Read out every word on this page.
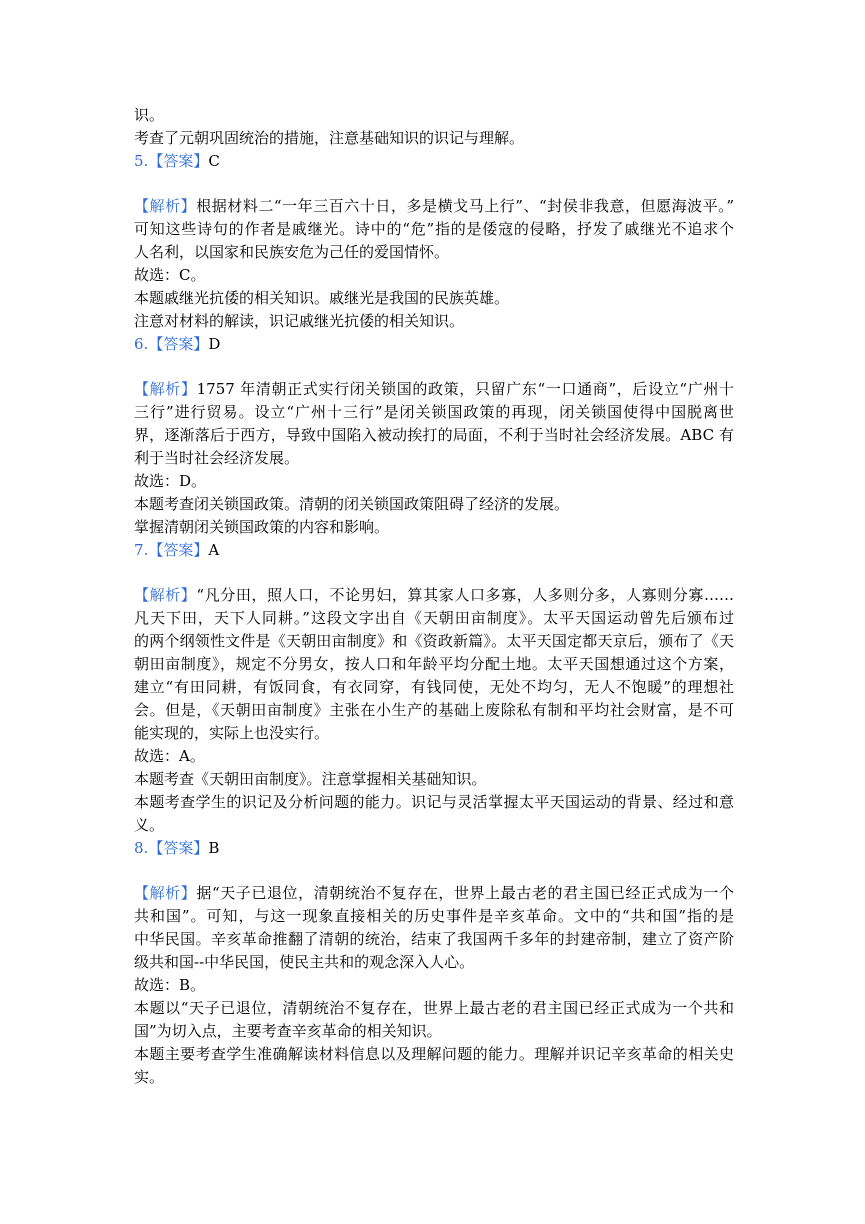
识。
考查了元朝巩固统治的措施，注意基础知识的识记与理解。
5.【答案】C
【解析】根据材料二“一年三百六十日，多是横戈马上行”、“封侯非我意，但愿海波平。”
可知这些诗句的作者是戚继光。诗中的“危”指的是倭寇的侵略，抒发了戚继光不追求个
人名利，以国家和民族安危为己任的爱国情怀。
故选：C。
本题戚继光抗倭的相关知识。戚继光是我国的民族英雄。
注意对材料的解读，识记戚继光抗倭的相关知识。
6.【答案】D
【解析】1757 年清朝正式实行闭关锁国的政策，只留广东“一口通商”，后设立“广州十
三行”进行贸易。设立“广州十三行”是闭关锁国政策的再现，闭关锁国使得中国脱离世
界，逐渐落后于西方，导致中国陷入被动挨打的局面，不利于当时社会经济发展。ABC 有
利于当时社会经济发展。
故选：D。
本题考查闭关锁国政策。清朝的闭关锁国政策阻碍了经济的发展。
掌握清朝闭关锁国政策的内容和影响。
7.【答案】A
【解析】“凡分田，照人口，不论男妇，算其家人口多寡，人多则分多，人寡则分寡……
凡天下田，天下人同耕。”这段文字出自《天朝田亩制度》。太平天国运动曾先后颁布过
的两个纲领性文件是《天朝田亩制度》和《资政新篇》。太平天国定都天京后，颁布了《天
朝田亩制度》，规定不分男女，按人口和年龄平均分配土地。太平天国想通过这个方案，
建立“有田同耕，有饭同食，有衣同穿，有钱同使，无处不均匀，无人不饱暖”的理想社
会。但是，《天朝田亩制度》主张在小生产的基础上废除私有制和平均社会财富，是不可
能实现的，实际上也没实行。
故选：A。
本题考查《天朝田亩制度》。注意掌握相关基础知识。
本题考查学生的识记及分析问题的能力。识记与灵活掌握太平天国运动的背景、经过和意
义。
8.【答案】B
【解析】据“天子已退位，清朝统治不复存在，世界上最古老的君主国已经正式成为一个
共和国”。可知，与这一现象直接相关的历史事件是辛亥革命。文中的“共和国”指的是
中华民国。辛亥革命推翻了清朝的统治，结束了我国两千多年的封建帝制，建立了资产阶
级共和国--中华民国，使民主共和的观念深入人心。
故选：B。
本题以“天子已退位，清朝统治不复存在，世界上最古老的君主国已经正式成为一个共和
国”为切入点，主要考查辛亥革命的相关知识。
本题主要考查学生准确解读材料信息以及理解问题的能力。理解并识记辛亥革命的相关史
实。
